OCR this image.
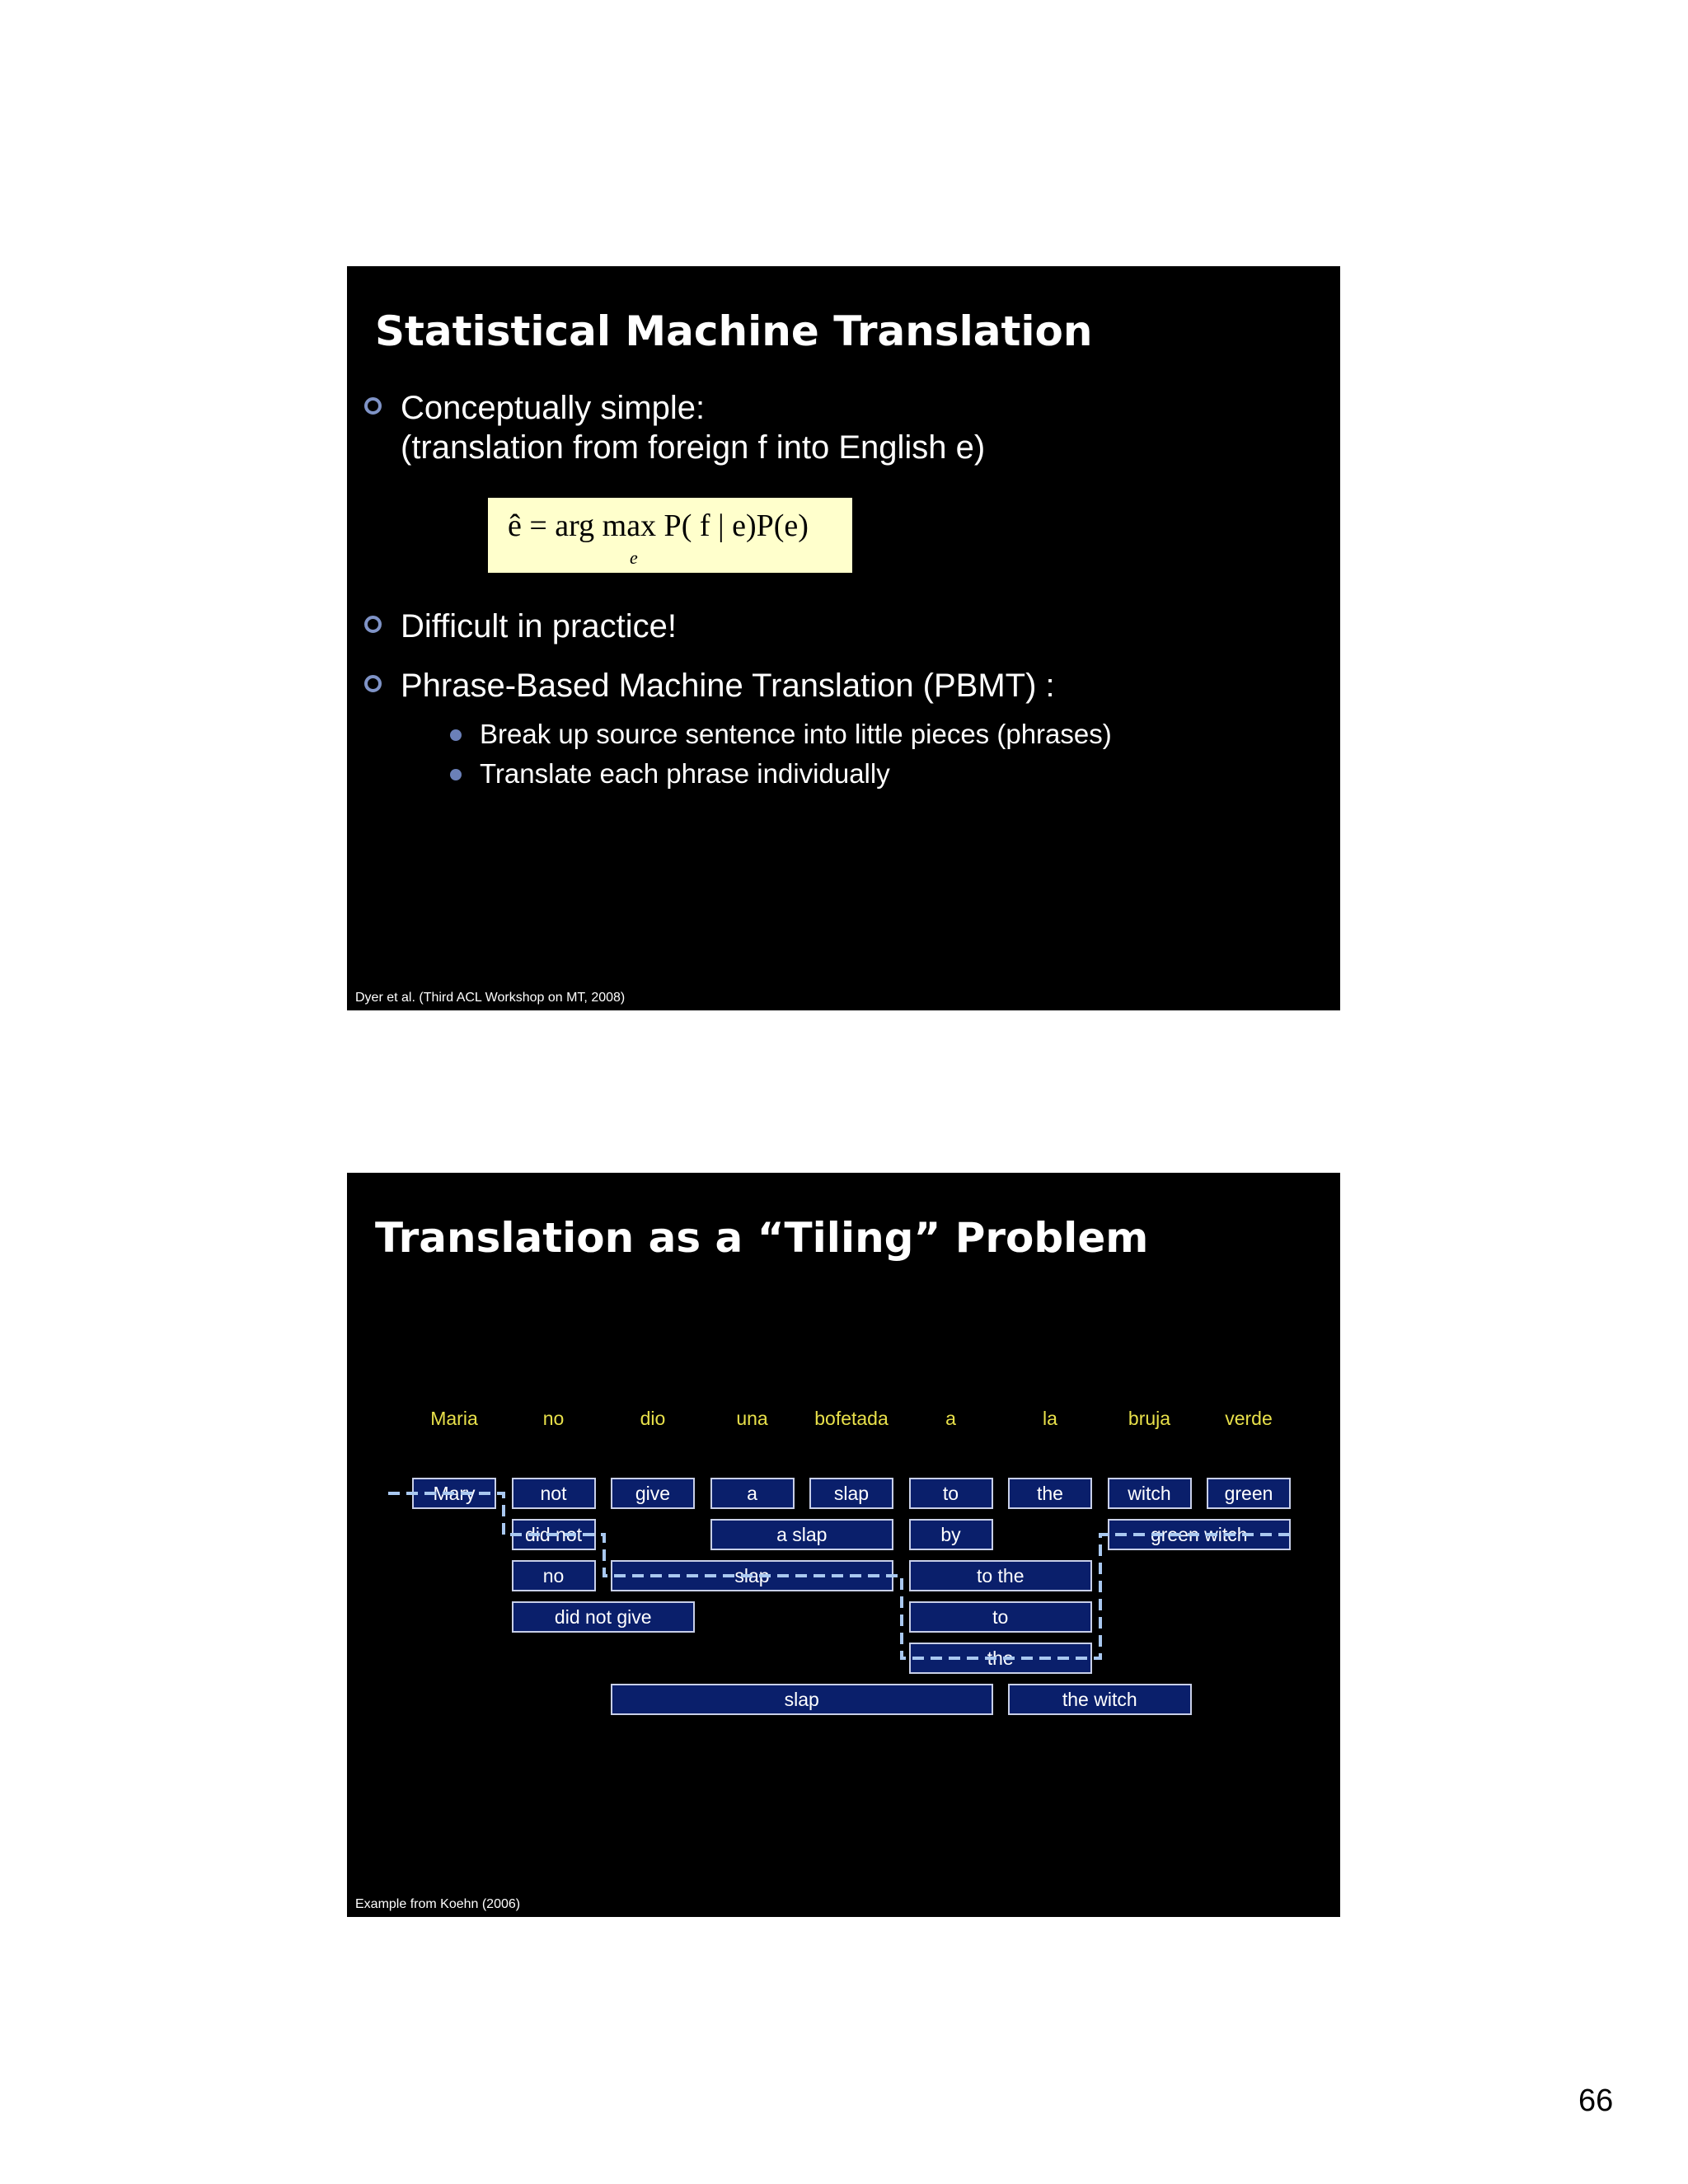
Statistical Machine Translation
Conceptually simple:
(translation from foreign f into English e)
ê = arg max P( f | e)P(e)
e
Difficult in practice!
Phrase-Based Machine Translation (PBMT) :
Break up source sentence into little pieces (phrases)
Translate each phrase individually
Dyer et al. (Third ACL Workshop on MT, 2008)
Translation as a “Tiling” Problem
Maria	no	dio	una	bofetada	a	la	bruja	verde
Mary	not	give	a	slap	to	the	witch	green
did not	a slap	by	green witch
no	slap	to the
did not give	to
the
slap	the witch
Example from Koehn (2006)
66
